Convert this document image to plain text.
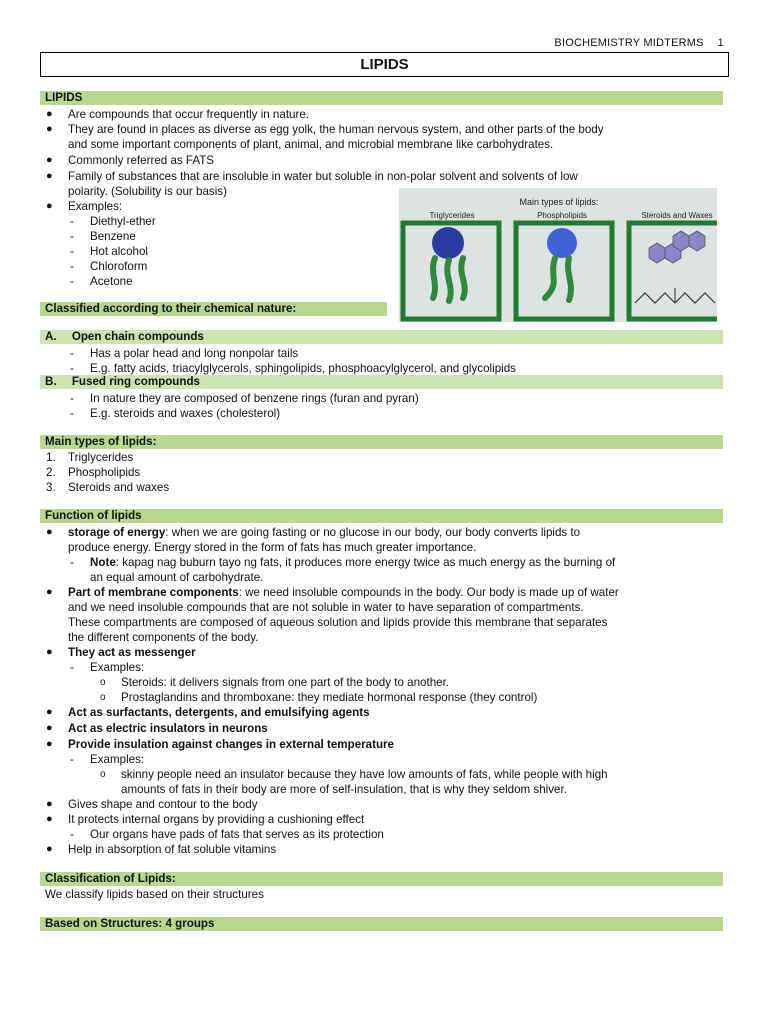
BIOCHEMISTRY MIDTERMS 1
LIPIDS
LIPIDS
● Are compounds that occur frequently in nature.
● They are found in places as diverse as egg yolk, the human nervous system, and other parts of the body
and some important components of plant, animal, and microbial membrane like carbohydrates.
● Commonly referred as FATS
● Family of substances that are insoluble in water but soluble in non-polar solvent and solvents of low
polarity. (Solubility is our basis)
● Examples:
- Diethyl-ether
- Benzene
- Hot alcohol
- Chloroform
- Acetone
Main types of lipids:
Triglycerides	Phospholipids	Steroids and Waxes
Classified according to their chemical nature:
A. Open chain compounds
- Has a polar head and long nonpolar tails
- E.g. fatty acids, triacylglycerols, sphingolipids, phosphoacylglycerol, and glycolipids
B. Fused ring compounds
- In nature they are composed of benzene rings (furan and pyran)
- E.g. steroids and waxes (cholesterol)
Main types of lipids:
1. Triglycerides
2. Phospholipids
3. Steroids and waxes
Function of lipids
● storage of energy: when we are going fasting or no glucose in our body, our body converts lipids to
produce energy. Energy stored in the form of fats has much greater importance.
- Note: kapag nag buburn tayo ng fats, it produces more energy twice as much energy as the burning of
an equal amount of carbohydrate.
● Part of membrane components: we need insoluble compounds in the body. Our body is made up of water
and we need insoluble compounds that are not soluble in water to have separation of compartments.
These compartments are composed of aqueous solution and lipids provide this membrane that separates
the different components of the body.
● They act as messenger
- Examples:
o Steroids: it delivers signals from one part of the body to another.
o Prostaglandins and thromboxane: they mediate hormonal response (they control)
● Act as surfactants, detergents, and emulsifying agents
● Act as electric insulators in neurons
● Provide insulation against changes in external temperature
- Examples:
o skinny people need an insulator because they have low amounts of fats, while people with high
amounts of fats in their body are more of self-insulation, that is why they seldom shiver.
● Gives shape and contour to the body
● It protects internal organs by providing a cushioning effect
- Our organs have pads of fats that serves as its protection
● Help in absorption of fat soluble vitamins
Classification of Lipids:
We classify lipids based on their structures
Based on Structures: 4 groups
